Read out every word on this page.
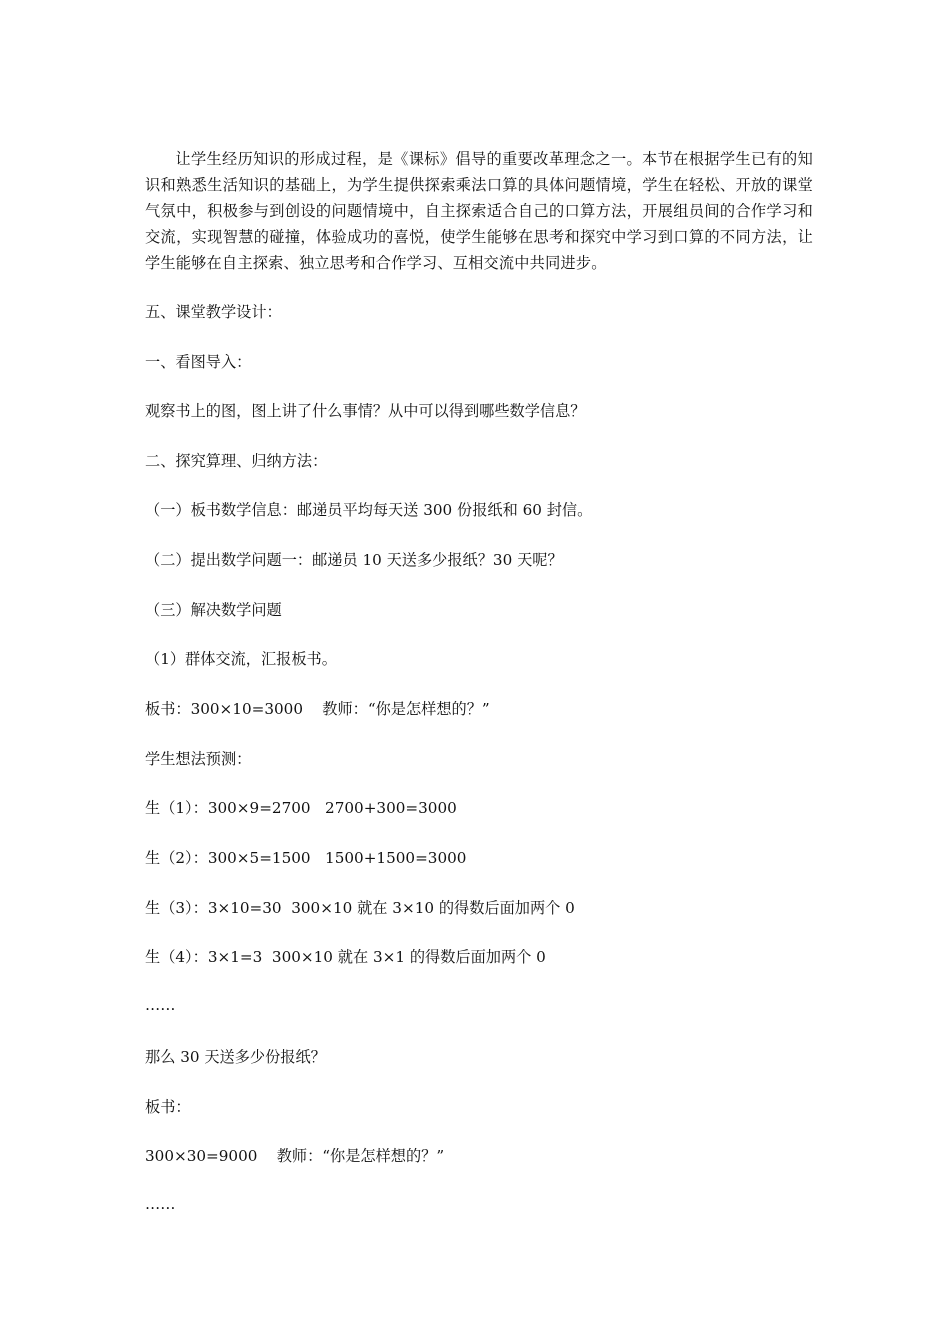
让学生经历知识的形成过程，是《课标》倡导的重要改革理念之一。本节在根据学生已有的知识和熟悉生活知识的基础上，为学生提供探索乘法口算的具体问题情境，学生在轻松、开放的课堂气氛中，积极参与到创设的问题情境中，自主探索适合自己的口算方法，开展组员间的合作学习和交流，实现智慧的碰撞，体验成功的喜悦，使学生能够在思考和探究中学习到口算的不同方法，让学生能够在自主探索、独立思考和合作学习、互相交流中共同进步。

五、课堂教学设计：

一、看图导入：

观察书上的图，图上讲了什么事情？从中可以得到哪些数学信息？

二、探究算理、归纳方法：

（一）板书数学信息：邮递员平均每天送 300 份报纸和 60 封信。

（二）提出数学问题一：邮递员 10 天送多少报纸？30 天呢？

（三）解决数学问题

（1）群体交流，汇报板书。

板书：300×10=3000    教师：“你是怎样想的？”

学生想法预测：

生（1）：300×9=2700   2700+300=3000

生（2）：300×5=1500   1500+1500=3000

生（3）：3×10=30  300×10 就在 3×10 的得数后面加两个 0

生（4）：3×1=3  300×10 就在 3×1 的得数后面加两个 0

……

那么 30 天送多少份报纸？

板书：

300×30=9000    教师：“你是怎样想的？”

……
